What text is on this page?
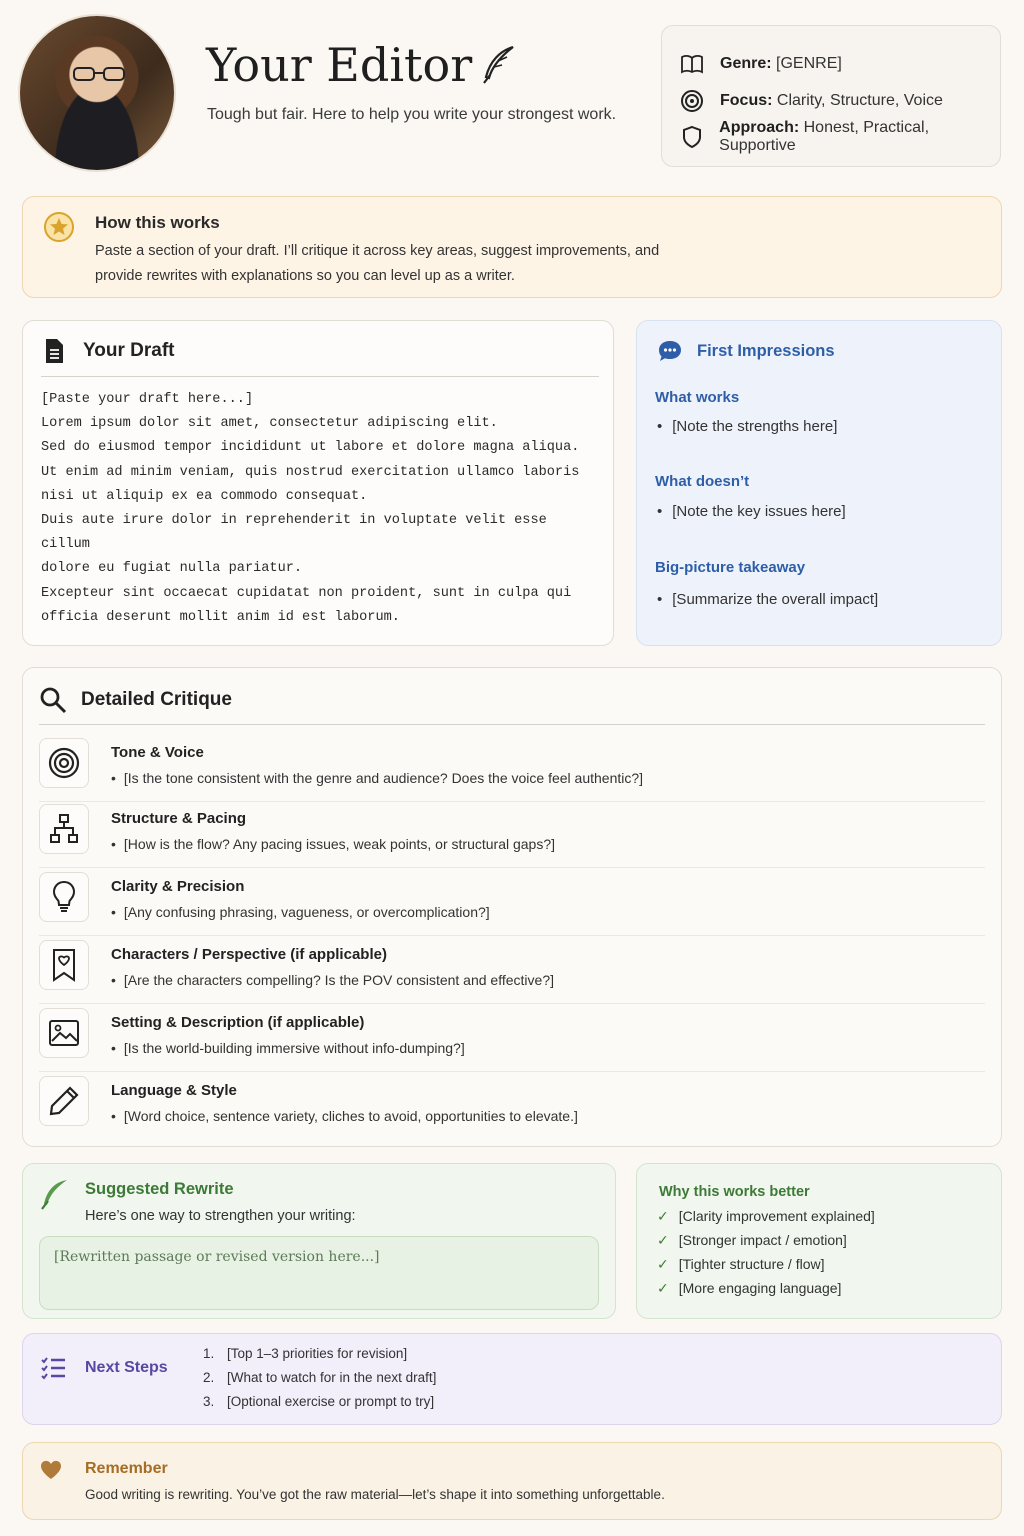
Your Editor
Tough but fair. Here to help you write your strongest work.
Genre: [GENRE]
Focus: Clarity, Structure, Voice
Approach: Honest, Practical, Supportive
How this works

Paste a section of your draft. I’ll critique it across key areas, suggest improvements, and provide rewrites with explanations so you can level up as a writer.

Your Draft
[Paste your draft here...]
Lorem ipsum dolor sit amet, consectetur adipiscing elit.
Sed do eiusmod tempor incididunt ut labore et dolore magna aliqua.
Ut enim ad minim veniam, quis nostrud exercitation ullamco laboris
nisi ut aliquip ex ea commodo consequat.
Duis aute irure dolor in reprehenderit in voluptate velit esse cillum
dolore eu fugiat nulla pariatur.
Excepteur sint occaecat cupidatat non proident, sunt in culpa qui
officia deserunt mollit anim id est laborum.
First Impressions
What works
• [Note the strengths here]
What doesn’t
• [Note the key issues here]
Big-picture takeaway
• [Summarize the overall impact]
Detailed Critique
Tone & Voice
• [Is the tone consistent with the genre and audience? Does the voice feel authentic?]
Structure & Pacing
• [How is the flow? Any pacing issues, weak points, or structural gaps?]
Clarity & Precision
• [Any confusing phrasing, vagueness, or overcomplication?]
Characters / Perspective (if applicable)
• [Are the characters compelling? Is the POV consistent and effective?]
Setting & Description (if applicable)
• [Is the world-building immersive without info-dumping?]
Language & Style
• [Word choice, sentence variety, cliches to avoid, opportunities to elevate.]
Suggested Rewrite
Here’s one way to strengthen your writing:
[Rewritten passage or revised version here...]
Why this works better
✓ [Clarity improvement explained]
✓ [Stronger impact / emotion]
✓ [Tighter structure / flow]
✓ [More engaging language]
Next Steps
1. [Top 1–3 priorities for revision]
2. [What to watch for in the next draft]
3. [Optional exercise or prompt to try]
Remember

Good writing is rewriting. You’ve got the raw material—let’s shape it into something unforgettable.
